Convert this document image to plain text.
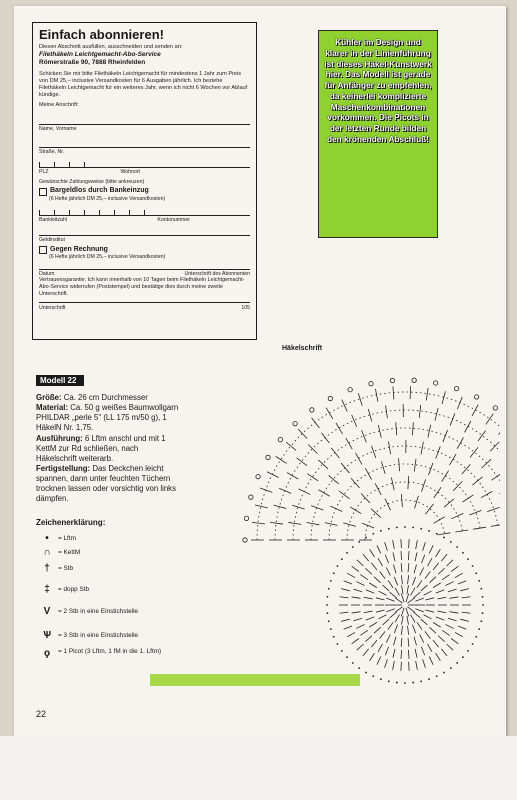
Einfach abonnieren!

Diesen Abschnitt ausfüllen, ausschneiden und senden an:

Filethäkeln Leichtgemacht-Abo-Service

Römerstraße 90, 7888 Rheinfelden

Schicken Sie mir bitte Filethäkeln Leichtgemacht für mindestens 1 Jahr zum Preis von DM 25,– inclusive Versandkosten für 6 Ausgaben jährlich. Ich beziehe Filethäkeln Leichtgemacht für ein weiteres Jahr, wenn ich nicht 6 Wochen vor Ablauf kündige.

Meine Anschrift:

Name, Vorname
Straße, Nr.
PLZ	Wohnort
Gewünschte Zahlungsweise (bitte ankreuzen)
Bargeldlos durch Bankeinzug
(6 Hefte jährlich DM 25,– inclusive Versandkosten)
Bankleitzahl	Kontonummer
Geldinstitut
Gegen Rechnung
(6 Hefte jährlich DM 25,– inclusive Versandkosten)
Datum	Unterschrift des Abonnenten

Vertrauensgarantie: Ich kann innerhalb von 10 Tagen beim Filethäkeln Leichtgemacht-Abo-Service widerrufen (Poststempel) und bestätige dies durch meine zweite Unterschrift.

Unterschrift	105
Kühler im Design und klarer in der Linienführung ist dieses Häkel-Kunstwerk hier. Das Modell ist gerade für Anfänger zu empfehlen, da keinerlei komplizierte Maschenkombinationen vorkommen. Die Picots in der letzten Runde bilden den krönenden Abschluß!
Häkelschrift
Modell 22

Größe: Ca. 26 cm Durchmesser

Material: Ca. 50 g weißes Baumwollgarn PHILDAR „perle 5" (LL 175 m/50 g), 1 HäkelN Nr. 1,75.

Ausführung: 6 Lftm anschl und mit 1 KettM zur Rd schließen, nach Häkelschrift weiterarb.

Fertigstellung: Das Deckchen leicht spannen, dann unter feuchten Tüchern trocknen lassen oder vorsichtig von links dämpfen.

Zeichenerklärung:
•	= Lftm
∩	= KettM
†	= Stb
‡	= dopp Stb
V	= 2 Stb in eine Einstichstelle
Ѱ	= 3 Stb in eine Einstichstelle
ϙ	= 1 Picot (3 Lftm, 1 fM in die 1. Lftm)
22
